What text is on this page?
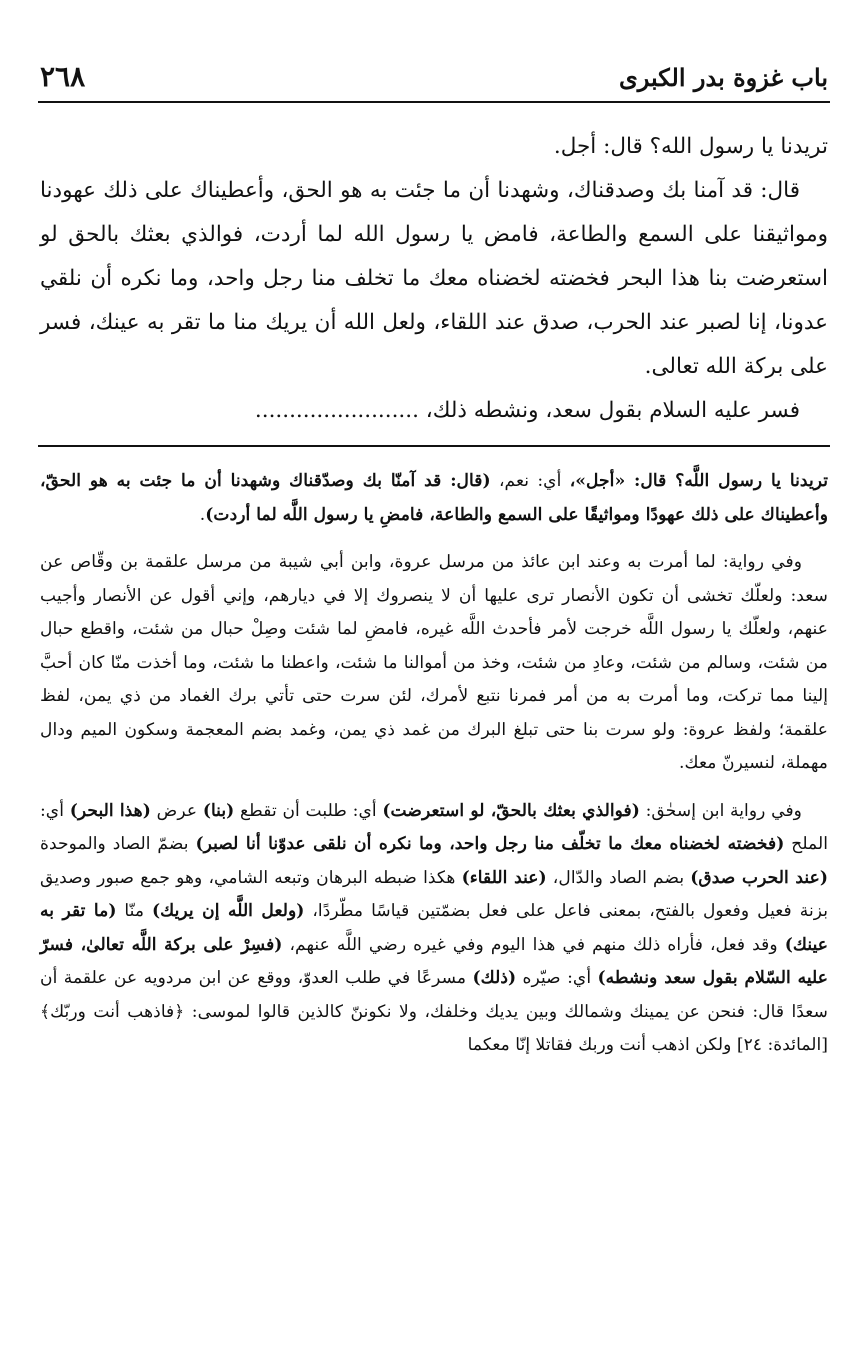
باب غزوة بدر الكبرى
٢٦٨

تريدنا يا رسول الله؟ قال: أجل.

قال: قد آمنا بك وصدقناك، وشهدنا أن ما جئت به هو الحق، وأعطيناك على ذلك عهودنا ومواثيقنا على السمع والطاعة، فامض يا رسول الله لما أردت، فوالذي بعثك بالحق لو استعرضت بنا هذا البحر فخضته لخضناه معك ما تخلف منا رجل واحد، وما نكره أن نلقي عدونا، إنا لصبر عند الحرب، صدق عند اللقاء، ولعل الله أن يريك منا ما تقر به عينك، فسر على بركة الله تعالى.

فسر عليه السلام بقول سعد، ونشطه ذلك، ........................

تريدنا يا رسول اللَّه؟ قال: «أجل»، أي: نعم، (قال: قد آمنّا بك وصدّقناك وشهدنا أن ما جئت به هو الحقّ، وأعطيناك على ذلك عهودًا ومواثيقًا على السمع والطاعة، فامضِ يا رسول اللَّه لما أردت).

وفي رواية: لما أمرت به وعند ابن عائذ من مرسل عروة، وابن أبي شيبة من مرسل علقمة بن وقّاص عن سعد: ولعلّك تخشى أن تكون الأنصار ترى عليها أن لا ينصروك إلا في ديارهم، وإني أقول عن الأنصار وأجيب عنهم، ولعلّك يا رسول اللَّه خرجت لأمر فأحدث اللَّه غيره، فامضِ لما شئت وصِلْ حبال من شئت، واقطع حبال من شئت، وسالم من شئت، وعادِ من شئت، وخذ من أموالنا ما شئت، واعطنا ما شئت، وما أخذت منّا كان أحبَّ إلينا مما تركت، وما أمرت به من أمر فمرنا نتبع لأمرك، لئن سرت حتى تأتي برك الغماد من ذي يمن، لفظ علقمة؛ ولفظ عروة: ولو سرت بنا حتى تبلغ البرك من غمد ذي يمن، وغمد بضم المعجمة وسكون الميم ودال مهملة، لنسيرنّ معك.

وفي رواية ابن إسحٰق: (فوالذي بعثك بالحقّ، لو استعرضت) أي: طلبت أن تقطع (بنا) عرض (هذا البحر) أي: الملح (فخضته لخضناه معك ما تخلّف منا رجل واحد، وما نكره أن نلقى عدوّنا أنا لصبر) بضمّ الصاد والموحدة (عند الحرب صدق) بضم الصاد والدّال، (عند اللقاء) هكذا ضبطه البرهان وتبعه الشامي، وهو جمع صبور وصديق بزنة فعيل وفعول بالفتح، بمعنى فاعل على فعل بضمّتين قياسًا مطّردًا، (ولعل اللَّه إن يريك) منّا (ما تقر به عينك) وقد فعل، فأراه ذلك منهم في هذا اليوم وفي غيره رضي اللَّه عنهم، (فسِرْ على بركة اللَّه تعالىٰ، فسرّ عليه السّلام بقول سعد ونشطه) أي: صيّره (ذلك) مسرعًا في طلب العدوّ، ووقع عن ابن مردويه عن علقمة أن سعدًا قال: فنحن عن يمينك وشمالك وبين يديك وخلفك، ولا نكوننّ كالذين قالوا لموسى: ﴿فاذهب أنت وربّك﴾ [المائدة: ٢٤] ولكن اذهب أنت وربك فقاتلا إنّا معكما
